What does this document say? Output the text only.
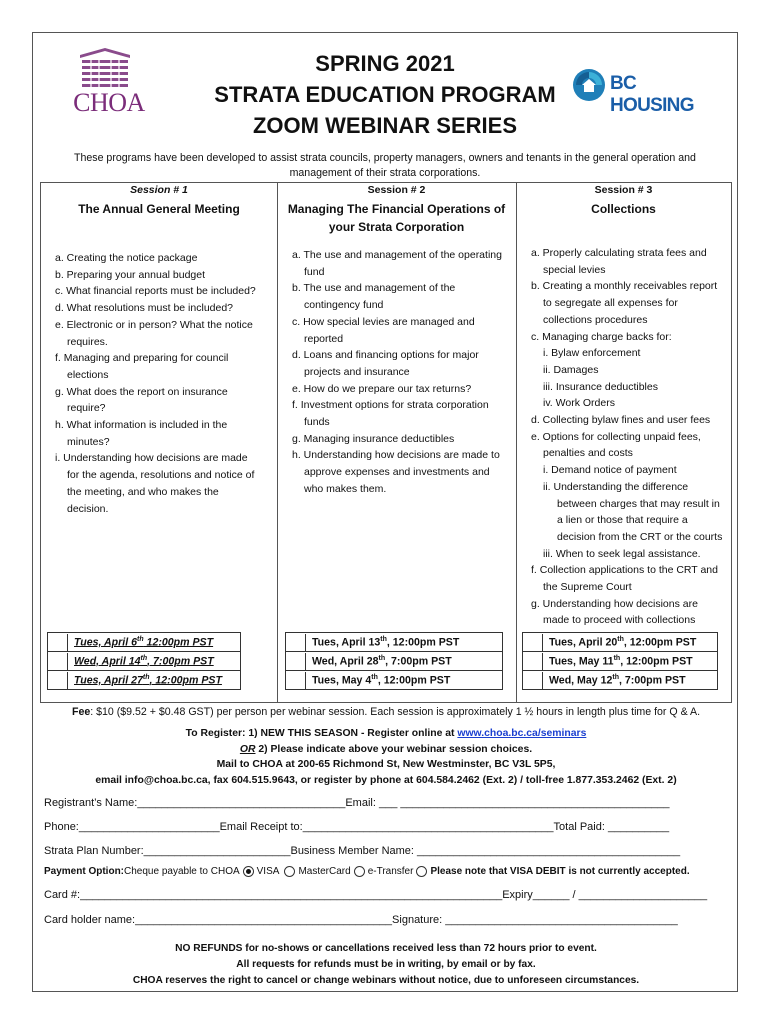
CHOA
BC HOUSING
SPRING 2021
STRATA EDUCATION PROGRAM
ZOOM WEBINAR SERIES
These programs have been developed to assist strata councils, property managers, owners and tenants in the general operation and management of their strata corporations.
Session # 1
The Annual General Meeting
a. Creating the notice package
b. Preparing your annual budget
c. What financial reports must be included?
d. What resolutions must be included?
e. Electronic or in person? What the notice requires.
f. Managing and preparing for council elections
g. What does the report on insurance require?
h. What information is included in the minutes?
i. Understanding how decisions are made for the agenda, resolutions and notice of the meeting, and who makes the decision.
Tues, April 6th 12:00pm PST
Wed, April 14th, 7:00pm PST
Tues, April 27th, 12:00pm PST
Session # 2
Managing The Financial Operations of your Strata Corporation
a. The use and management of the operating fund
b. The use and management of the contingency fund
c. How special levies are managed and reported
d. Loans and financing options for major projects and insurance
e. How do we prepare our tax returns?
f. Investment options for strata corporation funds
g. Managing insurance deductibles
h. Understanding how decisions are made to approve expenses and investments and who makes them.
Tues, April 13th, 12:00pm PST
Wed, April 28th, 7:00pm PST
Tues, May 4th, 12:00pm PST
Session # 3
Collections
a. Properly calculating strata fees and special levies
b. Creating a monthly receivables report to segregate all expenses for collections procedures
c. Managing charge backs for:
i. Bylaw enforcement
ii. Damages
iii. Insurance deductibles
iv. Work Orders
d. Collecting bylaw fines and user fees
e. Options for collecting unpaid fees, penalties and costs
i. Demand notice of payment
ii. Understanding the difference between charges that may result in a lien or those that require a decision from the CRT or the courts
iii. When to seek legal assistance.
f. Collection applications to the CRT and the Supreme Court
g. Understanding how decisions are made to proceed with collections
Tues, April 20th, 12:00pm PST
Tues, May 11th, 12:00pm PST
Wed, May 12th, 7:00pm PST
Fee: $10 ($9.52 + $0.48 GST) per person per webinar session. Each session is approximately 1 ½ hours in length plus time for Q & A.
To Register: 1) NEW THIS SEASON - Register online at www.choa.bc.ca/seminars
OR 2) Please indicate above your webinar session choices.
Mail to CHOA at 200-65 Richmond St, New Westminster, BC V3L 5P5,
email info@choa.bc.ca, fax 604.515.9643, or register by phone at 604.584.2462 (Ext. 2) / toll-free 1.877.353.2462 (Ext. 2)
Registrant’s Name:__________________________________Email: ___ ____________________________________________
Phone:_______________________Email Receipt to:_________________________________________Total Paid: __________
Strata Plan Number:________________________Business Member Name: ___________________________________________
Payment Option: Cheque payable to CHOA VISA MasterCard e-Transfer Please note that VISA DEBIT is not currently accepted.
Card #:_____________________________________________________________________Expiry______ / _____________________
Card holder name:__________________________________________Signature: ______________________________________
NO REFUNDS for no-shows or cancellations received less than 72 hours prior to event.
All requests for refunds must be in writing, by email or by fax.
CHOA reserves the right to cancel or change webinars without notice, due to unforeseen circumstances.
